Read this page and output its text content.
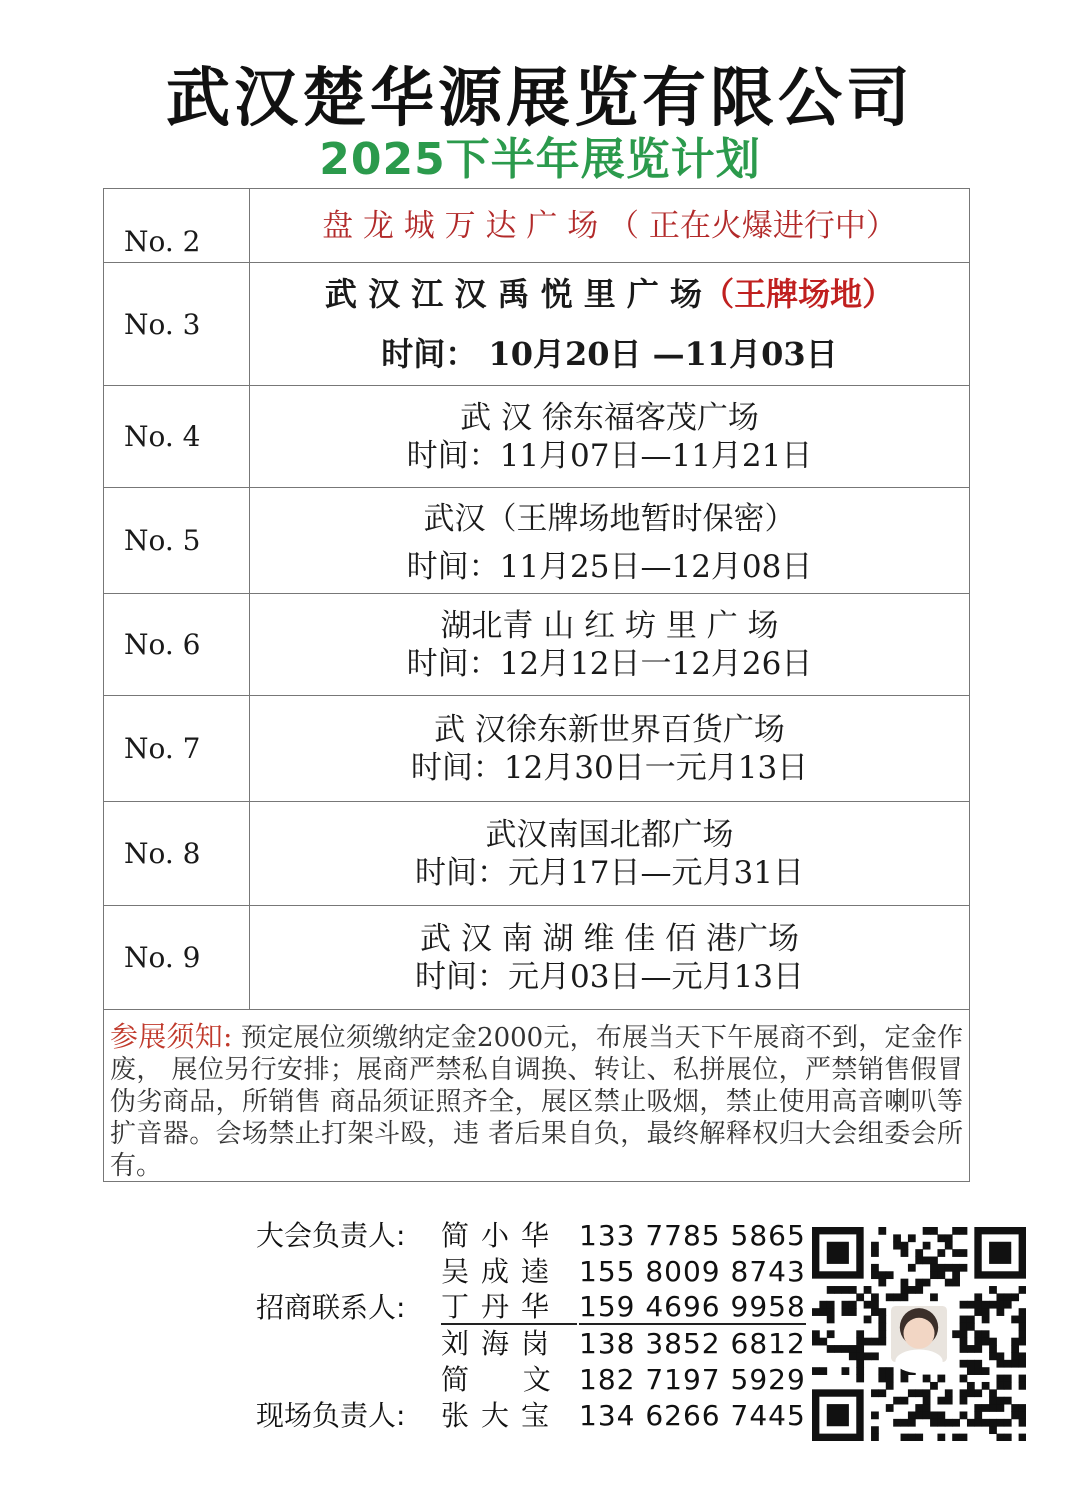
武汉楚华源展览有限公司
2025下半年展览计划
No. 2	盘 龙 城 万 达 广 场 （ 正在火爆进行中）

No. 3	武 汉 江 汉 禹 悦 里 广 场（王牌场地）
时间： 10月20日 —11月03日

No. 4	武 汉 徐东福客茂广场
时间：11月07日—11月21日

No. 5	武汉（王牌场地暂时保密）
时间：11月25日—12月08日

No. 6	湖北青 山 红 坊 里 广 场
时间：12月12日一12月26日

No. 7	武 汉徐东新世界百货广场
时间：12月30日一元月13日

No. 8	武汉南国北都广场
时间：元月17日—元月31日

No. 9	武 汉 南 湖 维 佳 佰 港广场
时间：元月03日—元月13日
参展须知: 预定展位须缴纳定金2000元，布展当天下午展商不到，定金作废， 展位另行安排；展商严禁私自调换、转让、私拼展位，严禁销售假冒伪劣商品，所销售 商品须证照齐全，展区禁止吸烟，禁止使用高音喇叭等扩音器。会场禁止打架斗殴，违 者后果自负，最终解释权归大会组委会所有。
大会负责人:	简小华 133 7785 5865
吴成逵 155 8009 8743
招商联系人:	丁丹华 159 4696 9958
刘海岗 138 3852 6812
简  文 182 7197 5929
现场负责人:	张大宝 134 6266 7445
